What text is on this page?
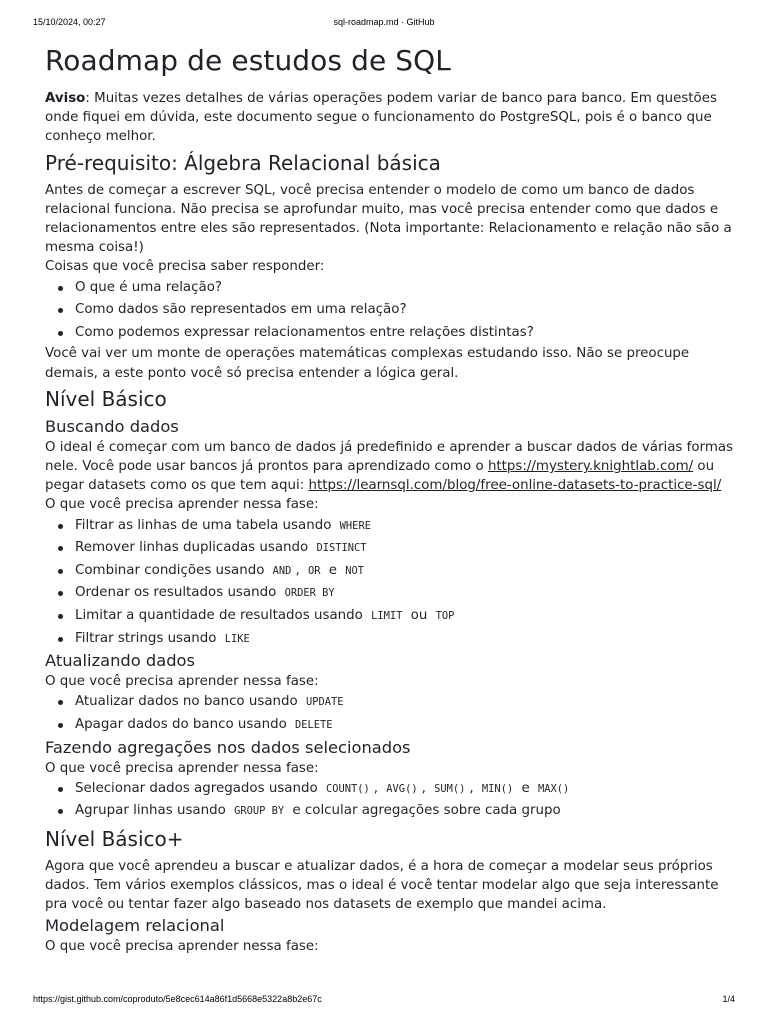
15/10/2024, 00:27	sql-roadmap.md · GitHub
Roadmap de estudos de SQL

Aviso: Muitas vezes detalhes de várias operações podem variar de banco para banco. Em questões onde fiquei em dúvida, este documento segue o funcionamento do PostgreSQL, pois é o banco que conheço melhor.

Pré-requisito: Álgebra Relacional básica

Antes de começar a escrever SQL, você precisa entender o modelo de como um banco de dados relacional funciona. Não precisa se aprofundar muito, mas você precisa entender como que dados e relacionamentos entre eles são representados. (Nota importante: Relacionamento e relação não são a mesma coisa!)

Coisas que você precisa saber responder:

O que é uma relação?
Como dados são representados em uma relação?
Como podemos expressar relacionamentos entre relações distintas?

Você vai ver um monte de operações matemáticas complexas estudando isso. Não se preocupe demais, a este ponto você só precisa entender a lógica geral.

Nível Básico
Buscando dados

O ideal é começar com um banco de dados já predefinido e aprender a buscar dados de várias formas nele. Você pode usar bancos já prontos para aprendizado como o https://mystery.knightlab.com/ ou pegar datasets como os que tem aqui: https://learnsql.com/blog/free-online-datasets-to-practice-sql/

O que você precisa aprender nessa fase:

Filtrar as linhas de uma tabela usando WHERE
Remover linhas duplicadas usando DISTINCT
Combinar condições usando AND , OR e NOT
Ordenar os resultados usando ORDER BY
Limitar a quantidade de resultados usando LIMIT ou TOP
Filtrar strings usando LIKE
Atualizando dados

O que você precisa aprender nessa fase:

Atualizar dados no banco usando UPDATE
Apagar dados do banco usando DELETE
Fazendo agregações nos dados selecionados

O que você precisa aprender nessa fase:

Selecionar dados agregados usando COUNT() , AVG() , SUM() , MIN() e MAX()
Agrupar linhas usando GROUP BY e colcular agregações sobre cada grupo
Nível Básico+

Agora que você aprendeu a buscar e atualizar dados, é a hora de começar a modelar seus próprios dados. Tem vários exemplos clássicos, mas o ideal é você tentar modelar algo que seja interessante pra você ou tentar fazer algo baseado nos datasets de exemplo que mandei acima.

Modelagem relacional

O que você precisa aprender nessa fase:

https://gist.github.com/coproduto/5e8cec614a86f1d5668e5322a8b2e67c	1/4
